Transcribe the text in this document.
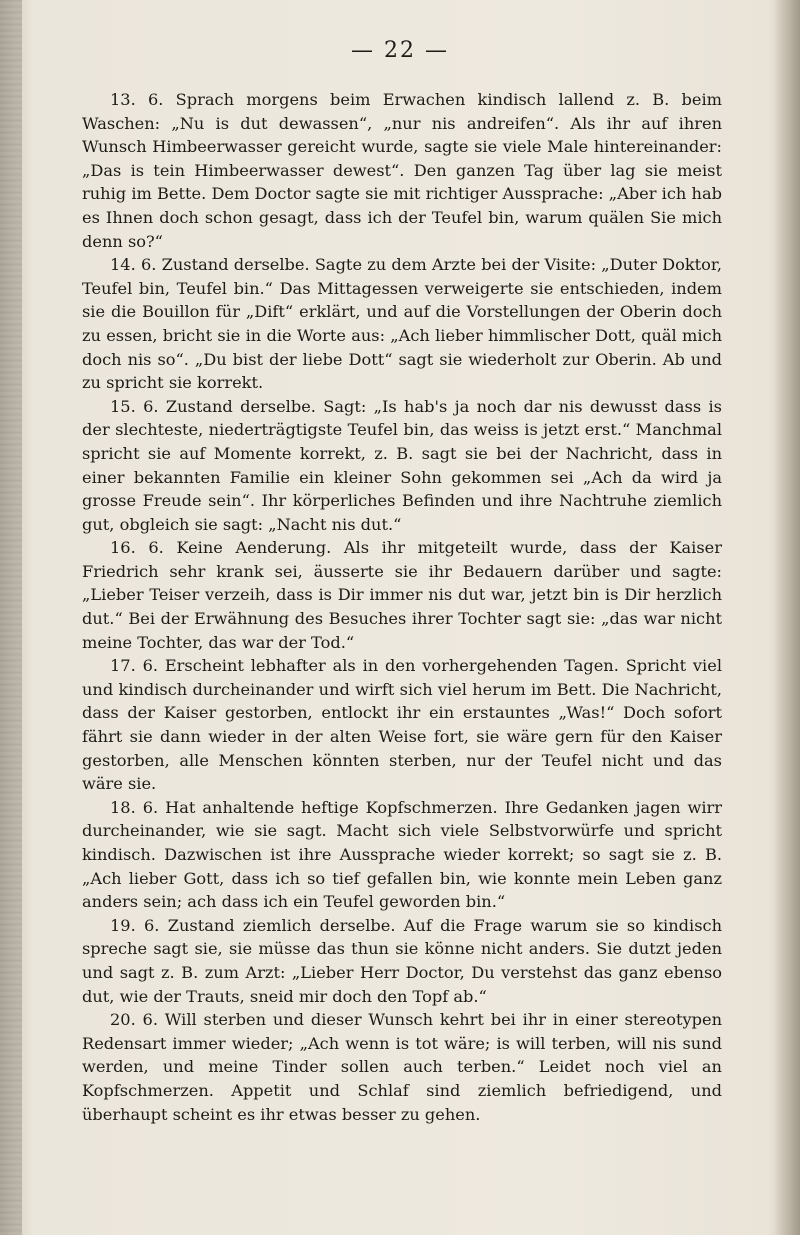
— 22 —

13. 6. Sprach morgens beim Erwachen kindisch lallend z. B. beim Waschen: „Nu is dut dewassen“, „nur nis andreifen“. Als ihr auf ihren Wunsch Himbeerwasser gereicht wurde, sagte sie viele Male hintereinander: „Das is tein Himbeerwasser dewest“. Den ganzen Tag über lag sie meist ruhig im Bette. Dem Doctor sagte sie mit richtiger Aussprache: „Aber ich hab es Ihnen doch schon gesagt, dass ich der Teufel bin, warum quälen Sie mich denn so?“

14. 6. Zustand derselbe. Sagte zu dem Arzte bei der Visite: „Duter Doktor, Teufel bin, Teufel bin.“ Das Mittagessen verweigerte sie entschieden, indem sie die Bouillon für „Dift“ erklärt, und auf die Vorstellungen der Oberin doch zu essen, bricht sie in die Worte aus: „Ach lieber himmlischer Dott, quäl mich doch nis so“. „Du bist der liebe Dott“ sagt sie wiederholt zur Oberin. Ab und zu spricht sie korrekt.

15. 6. Zustand derselbe. Sagt: „Is hab's ja noch dar nis dewusst dass is der slechteste, niederträgtigste Teufel bin, das weiss is jetzt erst.“ Manchmal spricht sie auf Momente korrekt, z. B. sagt sie bei der Nachricht, dass in einer bekannten Familie ein kleiner Sohn gekommen sei „Ach da wird ja grosse Freude sein“. Ihr körperliches Befinden und ihre Nachtruhe ziemlich gut, obgleich sie sagt: „Nacht nis dut.“

16. 6. Keine Aenderung. Als ihr mitgeteilt wurde, dass der Kaiser Friedrich sehr krank sei, äusserte sie ihr Bedauern darüber und sagte: „Lieber Teiser verzeih, dass is Dir immer nis dut war, jetzt bin is Dir herzlich dut.“ Bei der Erwähnung des Besuches ihrer Tochter sagt sie: „das war nicht meine Tochter, das war der Tod.“

17. 6. Erscheint lebhafter als in den vorhergehenden Tagen. Spricht viel und kindisch durcheinander und wirft sich viel herum im Bett. Die Nachricht, dass der Kaiser gestorben, entlockt ihr ein erstauntes „Was!“ Doch sofort fährt sie dann wieder in der alten Weise fort, sie wäre gern für den Kaiser gestorben, alle Menschen könnten sterben, nur der Teufel nicht und das wäre sie.

18. 6. Hat anhaltende heftige Kopfschmerzen. Ihre Gedanken jagen wirr durcheinander, wie sie sagt. Macht sich viele Selbstvorwürfe und spricht kindisch. Dazwischen ist ihre Aussprache wieder korrekt; so sagt sie z. B. „Ach lieber Gott, dass ich so tief gefallen bin, wie konnte mein Leben ganz anders sein; ach dass ich ein Teufel geworden bin.“

19. 6. Zustand ziemlich derselbe. Auf die Frage warum sie so kindisch spreche sagt sie, sie müsse das thun sie könne nicht anders. Sie dutzt jeden und sagt z. B. zum Arzt: „Lieber Herr Doctor, Du verstehst das ganz ebenso dut, wie der Trauts, sneid mir doch den Topf ab.“

20. 6. Will sterben und dieser Wunsch kehrt bei ihr in einer stereotypen Redensart immer wieder; „Ach wenn is tot wäre; is will terben, will nis sund werden, und meine Tinder sollen auch terben.“ Leidet noch viel an Kopfschmerzen. Appetit und Schlaf sind ziemlich befriedigend, und überhaupt scheint es ihr etwas besser zu gehen.
